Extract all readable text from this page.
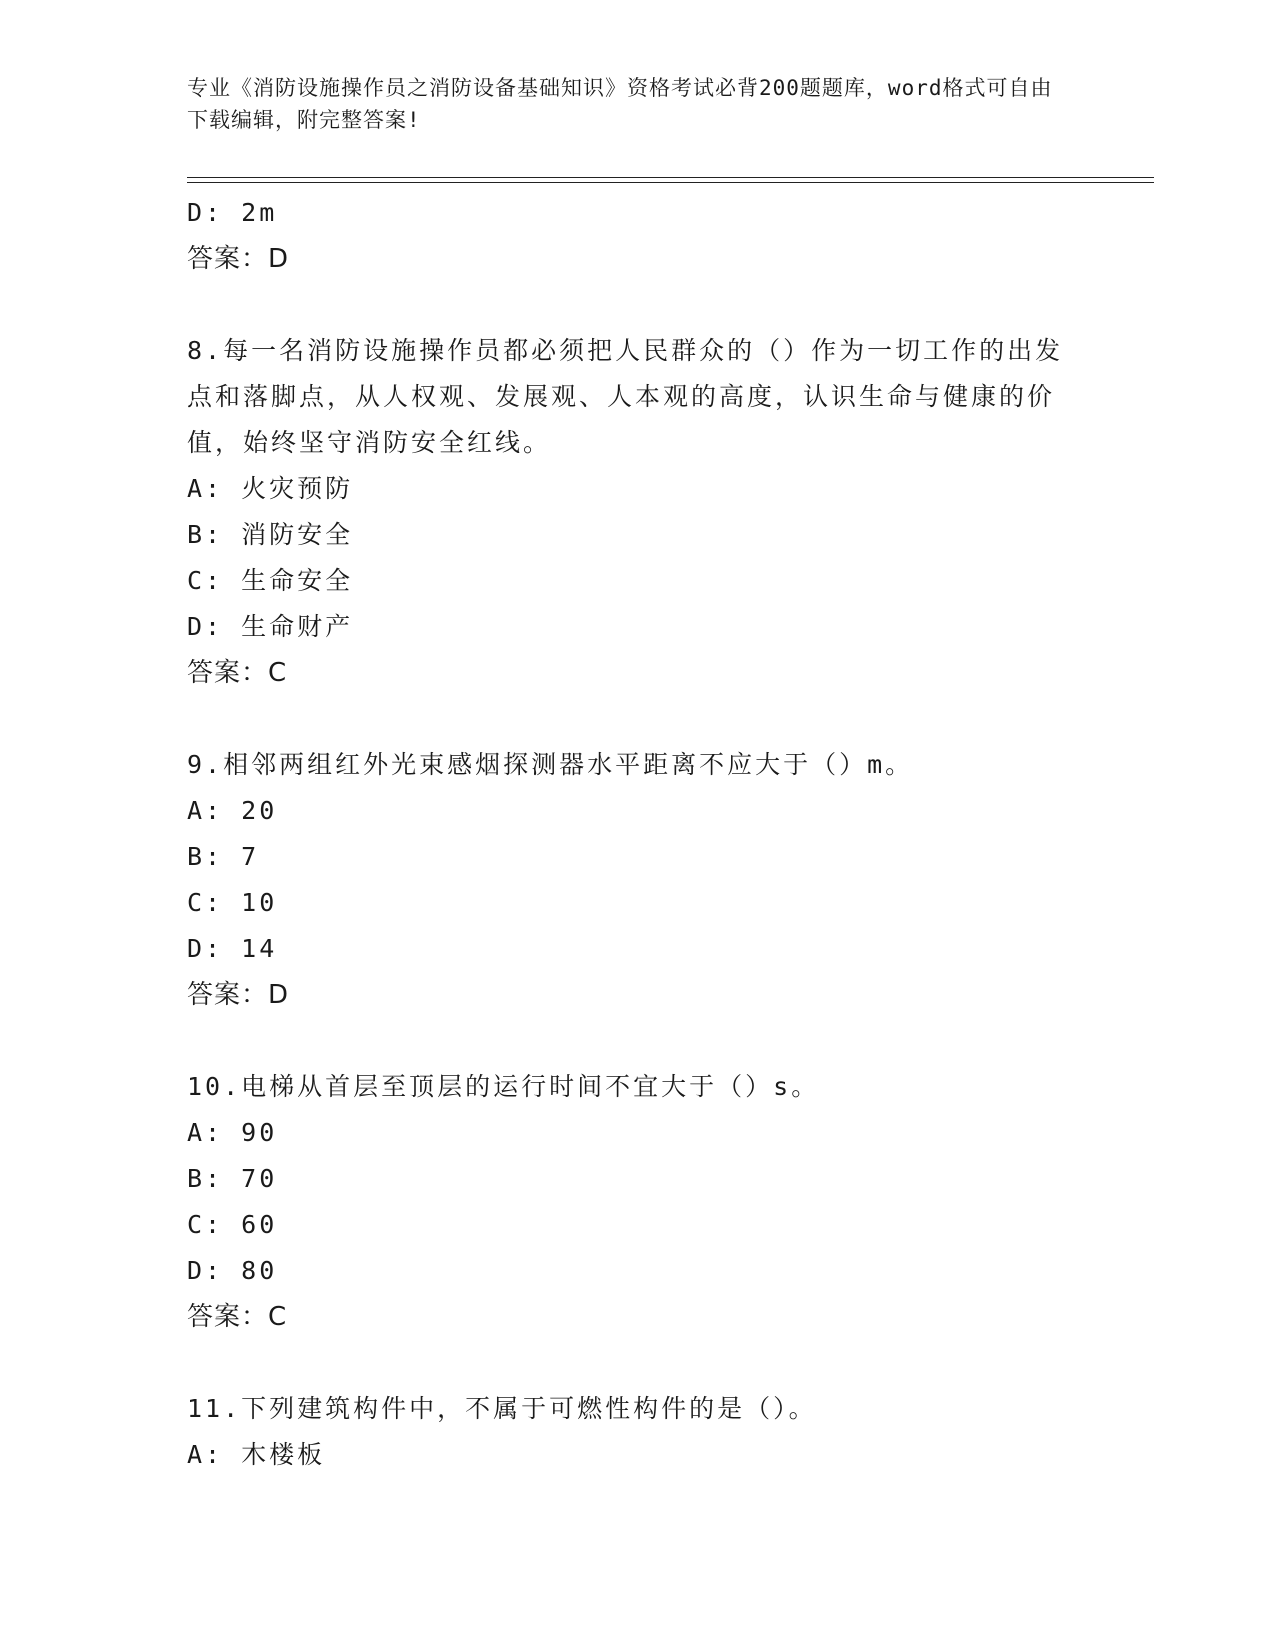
专业《消防设施操作员之消防设备基础知识》资格考试必背200题题库，word格式可自由下载编辑，附完整答案!
D: 2m
答案：D
8.每一名消防设施操作员都必须把人民群众的（）作为一切工作的出发点和落脚点，从人权观、发展观、人本观的高度，认识生命与健康的价值，始终坚守消防安全红线。
A: 火灾预防
B: 消防安全
C: 生命安全
D: 生命财产
答案：C
9.相邻两组红外光束感烟探测器水平距离不应大于（）m。
A: 20
B: 7
C: 10
D: 14
答案：D
10.电梯从首层至顶层的运行时间不宜大于（）s。
A: 90
B: 70
C: 60
D: 80
答案：C
11.下列建筑构件中，不属于可燃性构件的是（）。
A: 木楼板
